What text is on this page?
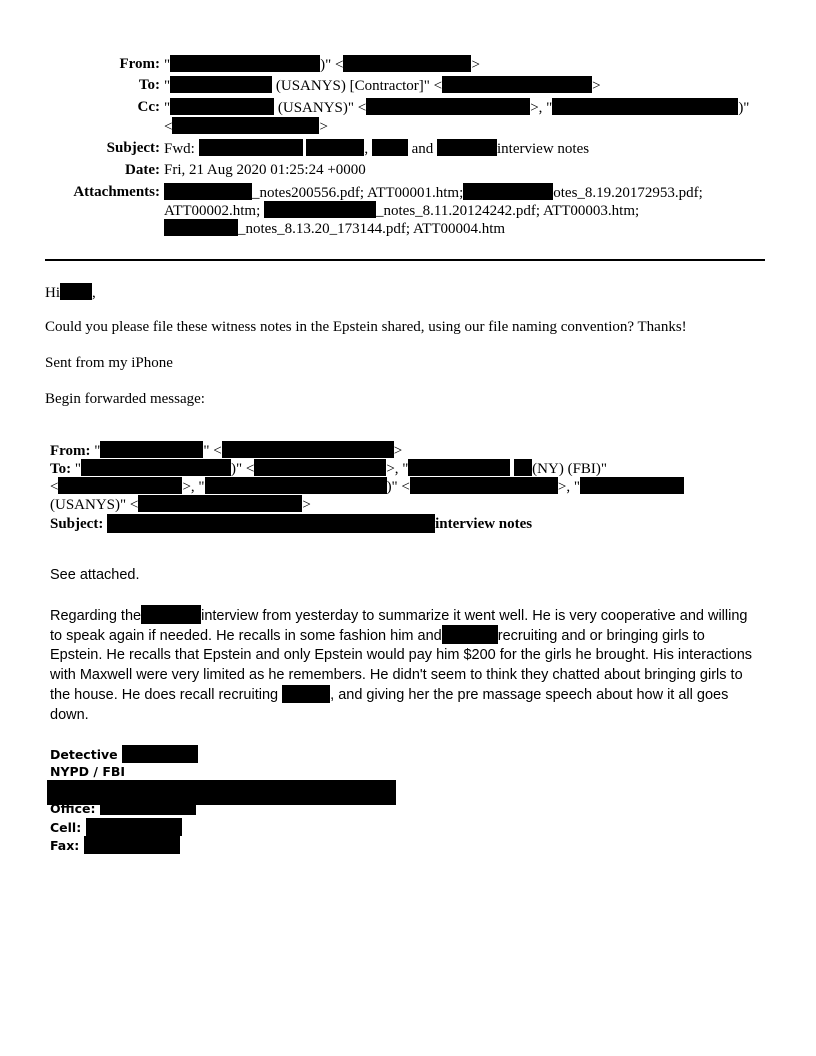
From: "	)" <	>
To: "	(USANYS) [Contractor]" <	>
Cc: "	(USANYS)" <	>, "	)"
<	>
Subject: Fwd:	,	and	interview notes
Date: Fri, 21 Aug 2020 01:25:24 +0000
Attachments:	_notes200556.pdf; ATT00001.htm;	otes_8.19.20172953.pdf;
ATT00002.htm;	_notes_8.11.20124242.pdf; ATT00003.htm;
_notes_8.13.20_173144.pdf; ATT00004.htm
Hi ,
Could you please file these witness notes in the Epstein shared, using our file naming convention? Thanks!
Sent from my iPhone
Begin forwarded message:
From: "	" <	>
To: "	)" <	>, "	(NY) (FBI)"
<	>, "	)" <	>, "
(USANYS)" <	>
Subject:	interview notes
See attached.
Regarding the	interview from yesterday to summarize it went well. He is very cooperative and willing
to speak again if needed. He recalls in some fashion him and	recruiting and or bringing girls to
Epstein. He recalls that Epstein and only Epstein would pay him $200 for the girls he brought. His interactions
with Maxwell were very limited as he remembers. He didn't seem to think they chatted about bringing girls to
the house. He does recall recruiting	, and giving her the pre massage speech about how it all goes
down.
Detective
NYPD / FBI
Office:
Cell:
Fax:
